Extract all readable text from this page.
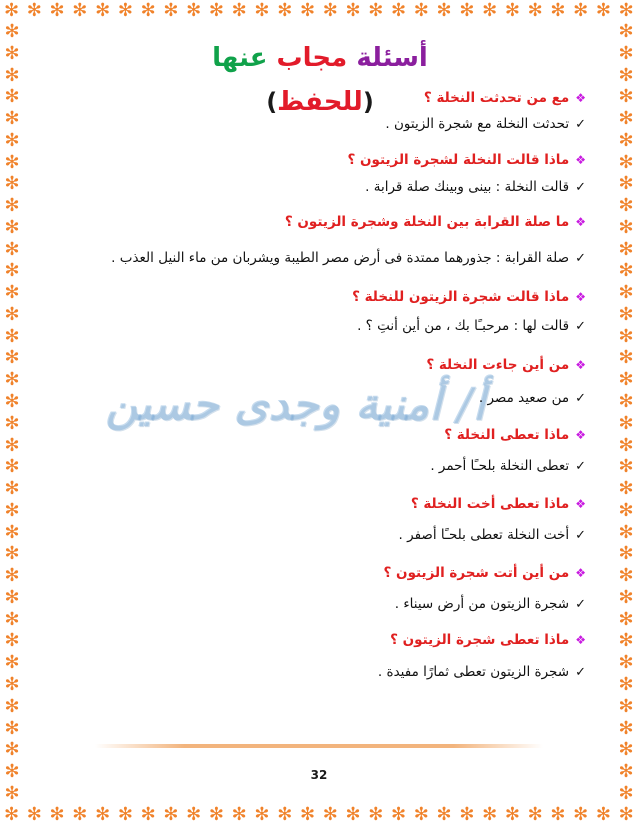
✻ ✻ ✻ ✻ ✻ ✻ ✻ ✻ ✻ ✻ ✻ ✻ ✻ ✻ ✻ ✻ ✻ ✻ ✻ ✻ ✻ ✻ ✻ ✻ ✻ ✻ ✻ ✻
✻ ✻ ✻ ✻ ✻ ✻ ✻ ✻ ✻ ✻ ✻ ✻ ✻ ✻ ✻ ✻ ✻ ✻ ✻ ✻ ✻ ✻ ✻ ✻ ✻ ✻ ✻ ✻
✻
✻
✻
✻
✻
✻
✻
✻
✻
✻
✻
✻
✻
✻
✻
✻
✻
✻
✻
✻
✻
✻
✻
✻
✻
✻
✻
✻
✻
✻
✻
✻
✻
✻
✻
✻
✻
✻
✻
✻
✻
✻
✻
✻
✻
✻
✻
✻
✻
✻
✻
✻
✻
✻
✻
✻
✻
✻
✻
✻
✻
✻
✻
✻
✻
✻
✻
✻
✻
✻
✻
✻
أسئلة مجاب عنها (للحفظ)
أ/ أمنية وجدى حسين
❖مع من تحدثت النخلة ؟
✓تحدثت النخلة مع شجرة الزيتون .
❖ماذا قالت النخلة لشجرة الزيتون ؟
✓قالت النخلة : بينى وبينك صلة قرابة .
❖ما صلة القرابة بين النخلة وشجرة الزيتون ؟
✓صلة القرابة : جذورهما ممتدة فى أرض مصر الطيبة ويشربان من ماء النيل العذب .
❖ماذا قالت شجرة الزيتون للنخلة ؟
✓قالت لها : مرحبـًا بك ، من أين أنتِ ؟ .
❖من أين جاءت النخلة ؟
✓من صعيد مصر .
❖ماذا تعطى النخلة ؟
✓تعطى النخلة بلحـًا أحمر .
❖ماذا تعطى أخت النخلة ؟
✓أخت النخلة تعطى بلحـًا أصفر .
❖من أين أتت شجرة الزيتون ؟
✓شجرة الزيتون من أرض سيناء .
❖ماذا تعطى شجرة الزيتون ؟
✓شجرة الزيتون تعطى ثمارًا مفيدة .
32
